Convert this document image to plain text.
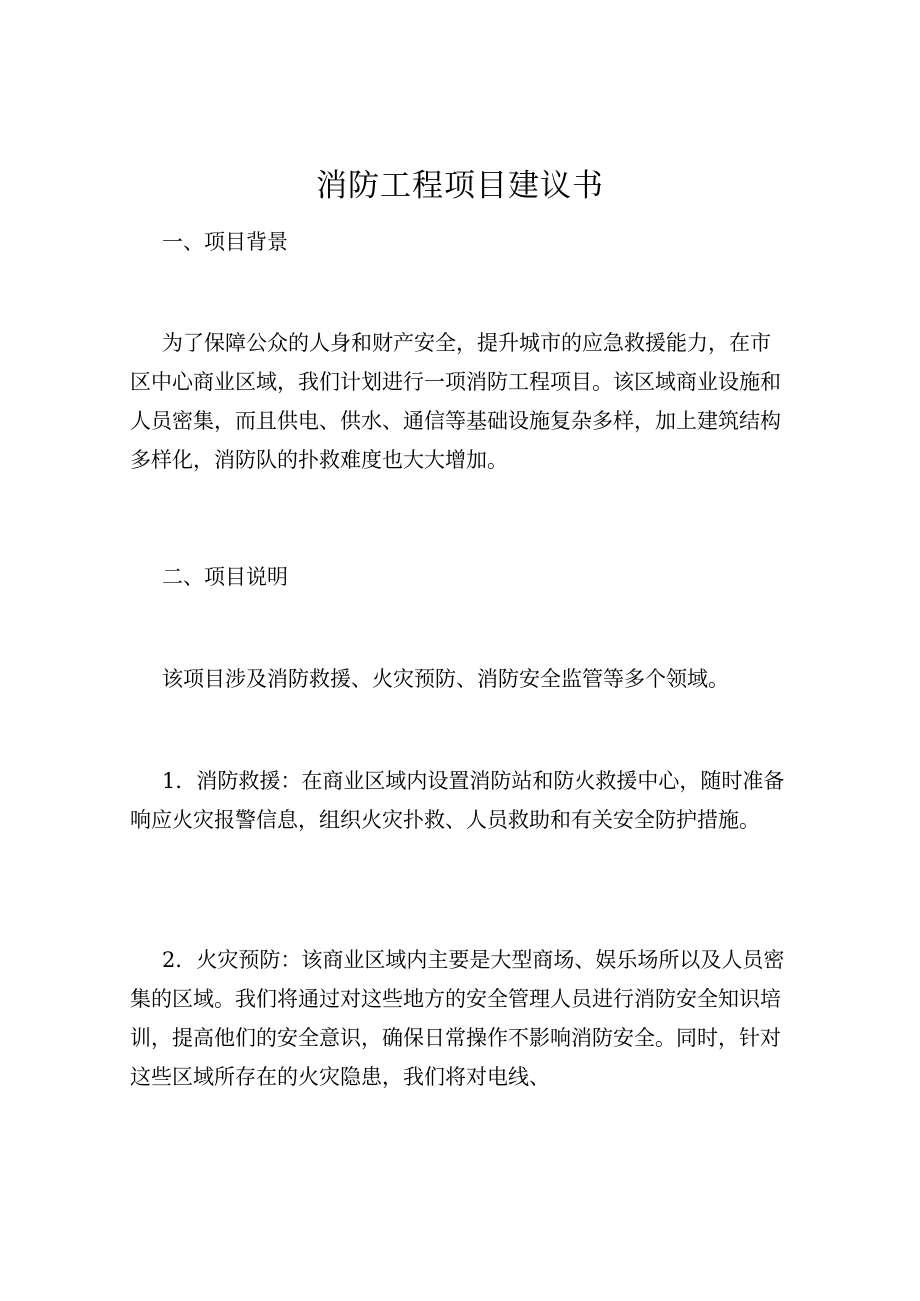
消防工程项目建议书
一、项目背景

为了保障公众的人身和财产安全，提升城市的应急救援能力，在市区中心商业区域，我们计划进行一项消防工程项目。该区域商业设施和人员密集，而且供电、供水、通信等基础设施复杂多样，加上建筑结构多样化，消防队的扑救难度也大大增加。

二、项目说明

该项目涉及消防救援、火灾预防、消防安全监管等多个领域。

1．消防救援：在商业区域内设置消防站和防火救援中心，随时准备响应火灾报警信息，组织火灾扑救、人员救助和有关安全防护措施。

2．火灾预防：该商业区域内主要是大型商场、娱乐场所以及人员密集的区域。我们将通过对这些地方的安全管理人员进行消防安全知识培训，提高他们的安全意识，确保日常操作不影响消防安全。同时，针对这些区域所存在的火灾隐患，我们将对电线、
